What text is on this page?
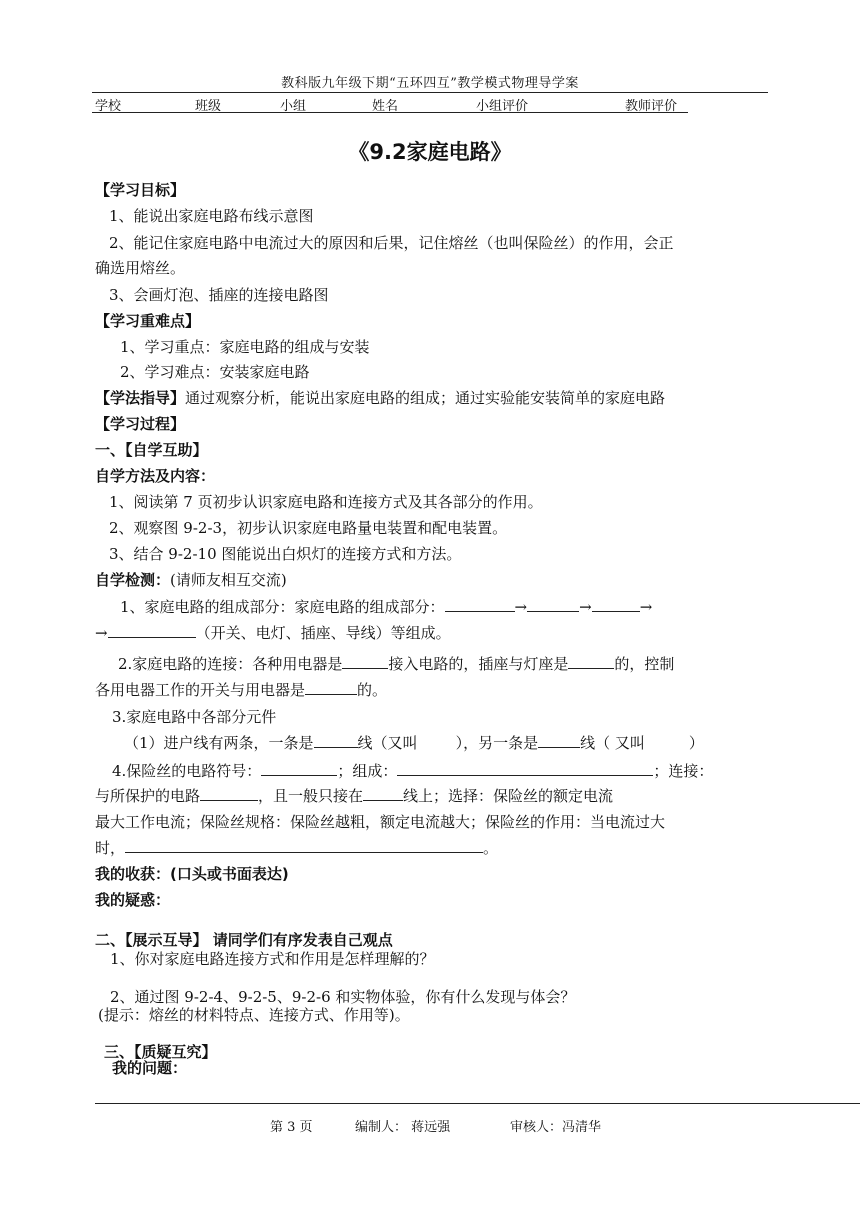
教科版九年级下期“五环四互”教学模式物理导学案
学校	班级	小组	姓名	小组评价	教师评价
《9.2家庭电路》
【学习目标】
1、能说出家庭电路布线示意图
2、能记住家庭电路中电流过大的原因和后果，记住熔丝（也叫保险丝）的作用，会正
确选用熔丝。
3、会画灯泡、插座的连接电路图
【学习重难点】
1、学习重点：家庭电路的组成与安装
2、学习难点：安装家庭电路
【学法指导】通过观察分析，能说出家庭电路的组成；通过实验能安装简单的家庭电路
【学习过程】
一、【自学互助】
自学方法及内容：
1、阅读第 7 页初步认识家庭电路和连接方式及其各部分的作用。
2、观察图 9-2-3，初步认识家庭电路量电装置和配电装置。
3、结合 9-2-10 图能说出白炽灯的连接方式和方法。
自学检测：(请师友相互交流)
1、家庭电路的组成部分：家庭电路的组成部分：	→	→	→
→	（开关、电灯、插座、导线）等组成。
2.家庭电路的连接：各种用电器是	接入电路的，插座与灯座是	的，控制
各用电器工作的开关与用电器是	的。
3.家庭电路中各部分元件
（1）进户线有两条，一条是	线（又叫	），另一条是	线（ 又叫	）
4.保险丝的电路符号：	；组成：	；连接：
与所保护的电路	，且一般只接在	线上；选择：保险丝的额定电流
最大工作电流；保险丝规格：保险丝越粗，额定电流越大；保险丝的作用：当电流过大
时，	。
我的收获：(口头或书面表达)
我的疑惑：
二、【展示互导】 请同学们有序发表自己观点
1、你对家庭电路连接方式和作用是怎样理解的？
2、通过图 9-2-4、9-2-5、9-2-6 和实物体验，你有什么发现与体会？
(提示：熔丝的材料特点、连接方式、作用等)。
三、【质疑互究】
我的问题：
第 3 页	编制人： 蒋远强	审核人：冯清华
